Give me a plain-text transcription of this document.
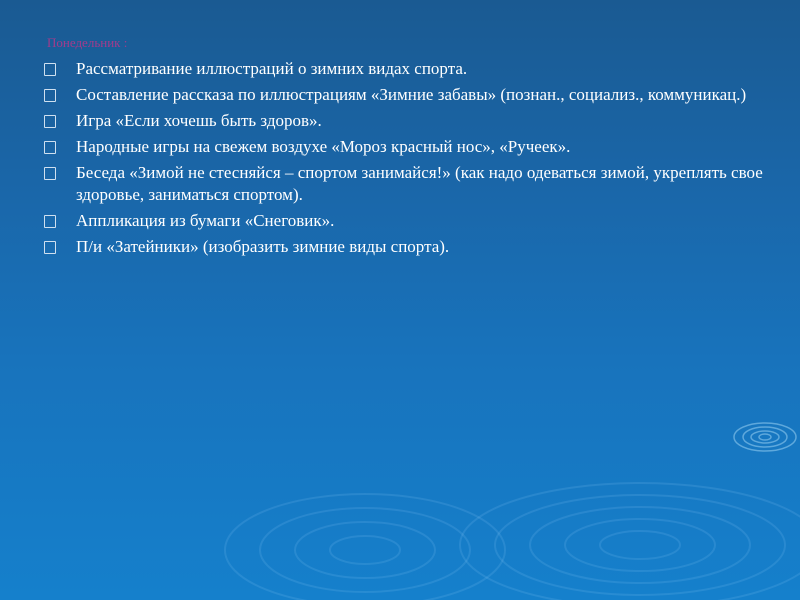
Понедельник :
Рассматривание иллюстраций о зимних видах спорта.
Составление рассказа по иллюстрациям «Зимние забавы» (познан., социализ., коммуникац.)
Игра «Если хочешь быть здоров».
Народные игры на свежем воздухе «Мороз красный нос», «Ручеек».
Беседа «Зимой не стесняйся – спортом занимайся!» (как надо одеваться зимой, укреплять свое здоровье, заниматься спортом).
Аппликация из бумаги «Снеговик».
П/и «Затейники» (изобразить зимние виды спорта).
